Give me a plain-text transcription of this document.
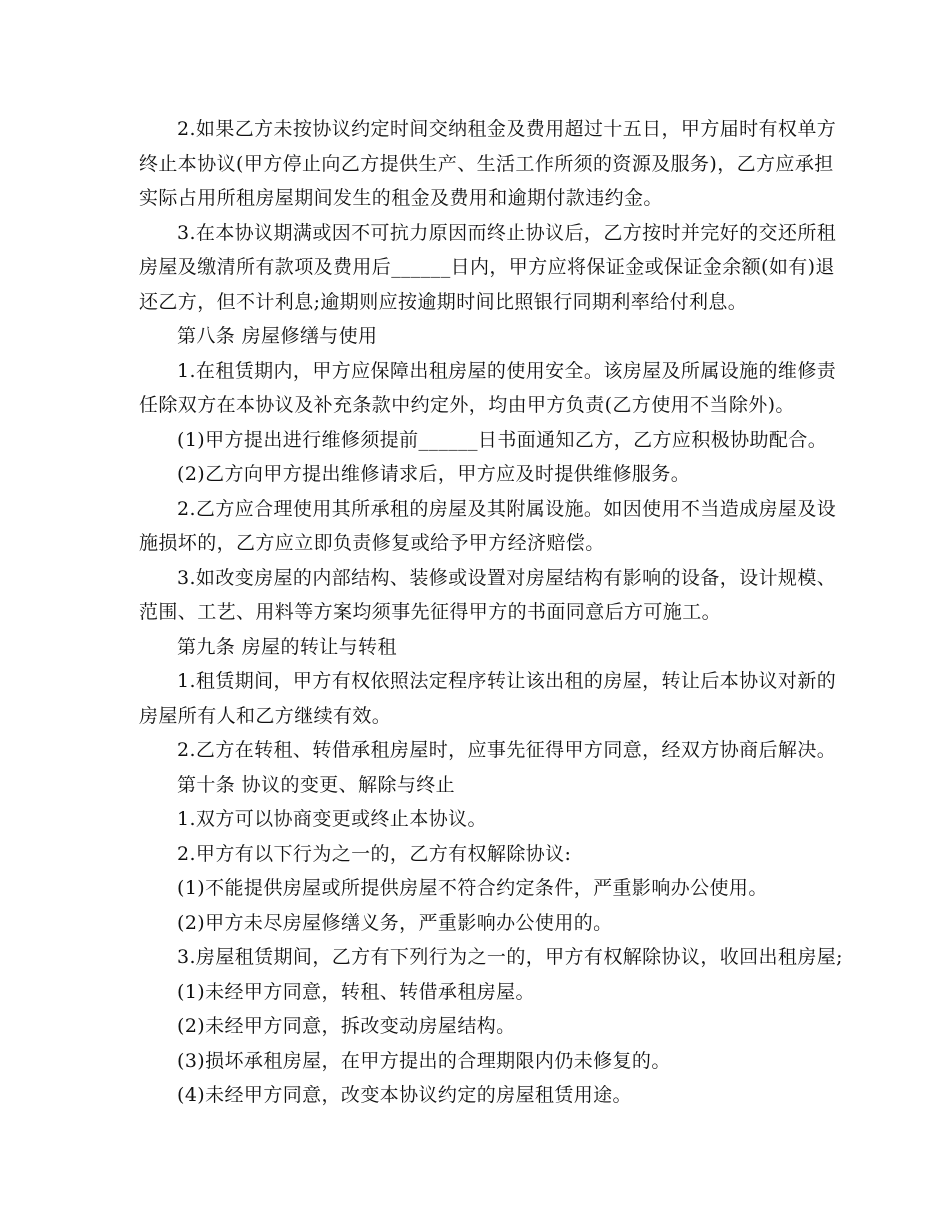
2.如果乙方未按协议约定时间交纳租金及费用超过十五日，甲方届时有权单方
终止本协议(甲方停止向乙方提供生产、生活工作所须的资源及服务)，乙方应承担
实际占用所租房屋期间发生的租金及费用和逾期付款违约金。
3.在本协议期满或因不可抗力原因而终止协议后，乙方按时并完好的交还所租
房屋及缴清所有款项及费用后______日内，甲方应将保证金或保证金余额(如有)退
还乙方，但不计利息;逾期则应按逾期时间比照银行同期利率给付利息。
第八条 房屋修缮与使用
1.在租赁期内，甲方应保障出租房屋的使用安全。该房屋及所属设施的维修责
任除双方在本协议及补充条款中约定外，均由甲方负责(乙方使用不当除外)。
(1)甲方提出进行维修须提前______日书面通知乙方，乙方应积极协助配合。
(2)乙方向甲方提出维修请求后，甲方应及时提供维修服务。
2.乙方应合理使用其所承租的房屋及其附属设施。如因使用不当造成房屋及设
施损坏的，乙方应立即负责修复或给予甲方经济赔偿。
3.如改变房屋的内部结构、装修或设置对房屋结构有影响的设备，设计规模、
范围、工艺、用料等方案均须事先征得甲方的书面同意后方可施工。
第九条 房屋的转让与转租
1.租赁期间，甲方有权依照法定程序转让该出租的房屋，转让后本协议对新的
房屋所有人和乙方继续有效。
2.乙方在转租、转借承租房屋时，应事先征得甲方同意，经双方协商后解决。
第十条 协议的变更、解除与终止
1.双方可以协商变更或终止本协议。
2.甲方有以下行为之一的，乙方有权解除协议:
(1)不能提供房屋或所提供房屋不符合约定条件，严重影响办公使用。
(2)甲方未尽房屋修缮义务，严重影响办公使用的。
3.房屋租赁期间，乙方有下列行为之一的，甲方有权解除协议，收回出租房屋;
(1)未经甲方同意，转租、转借承租房屋。
(2)未经甲方同意，拆改变动房屋结构。
(3)损坏承租房屋，在甲方提出的合理期限内仍未修复的。
(4)未经甲方同意，改变本协议约定的房屋租赁用途。
